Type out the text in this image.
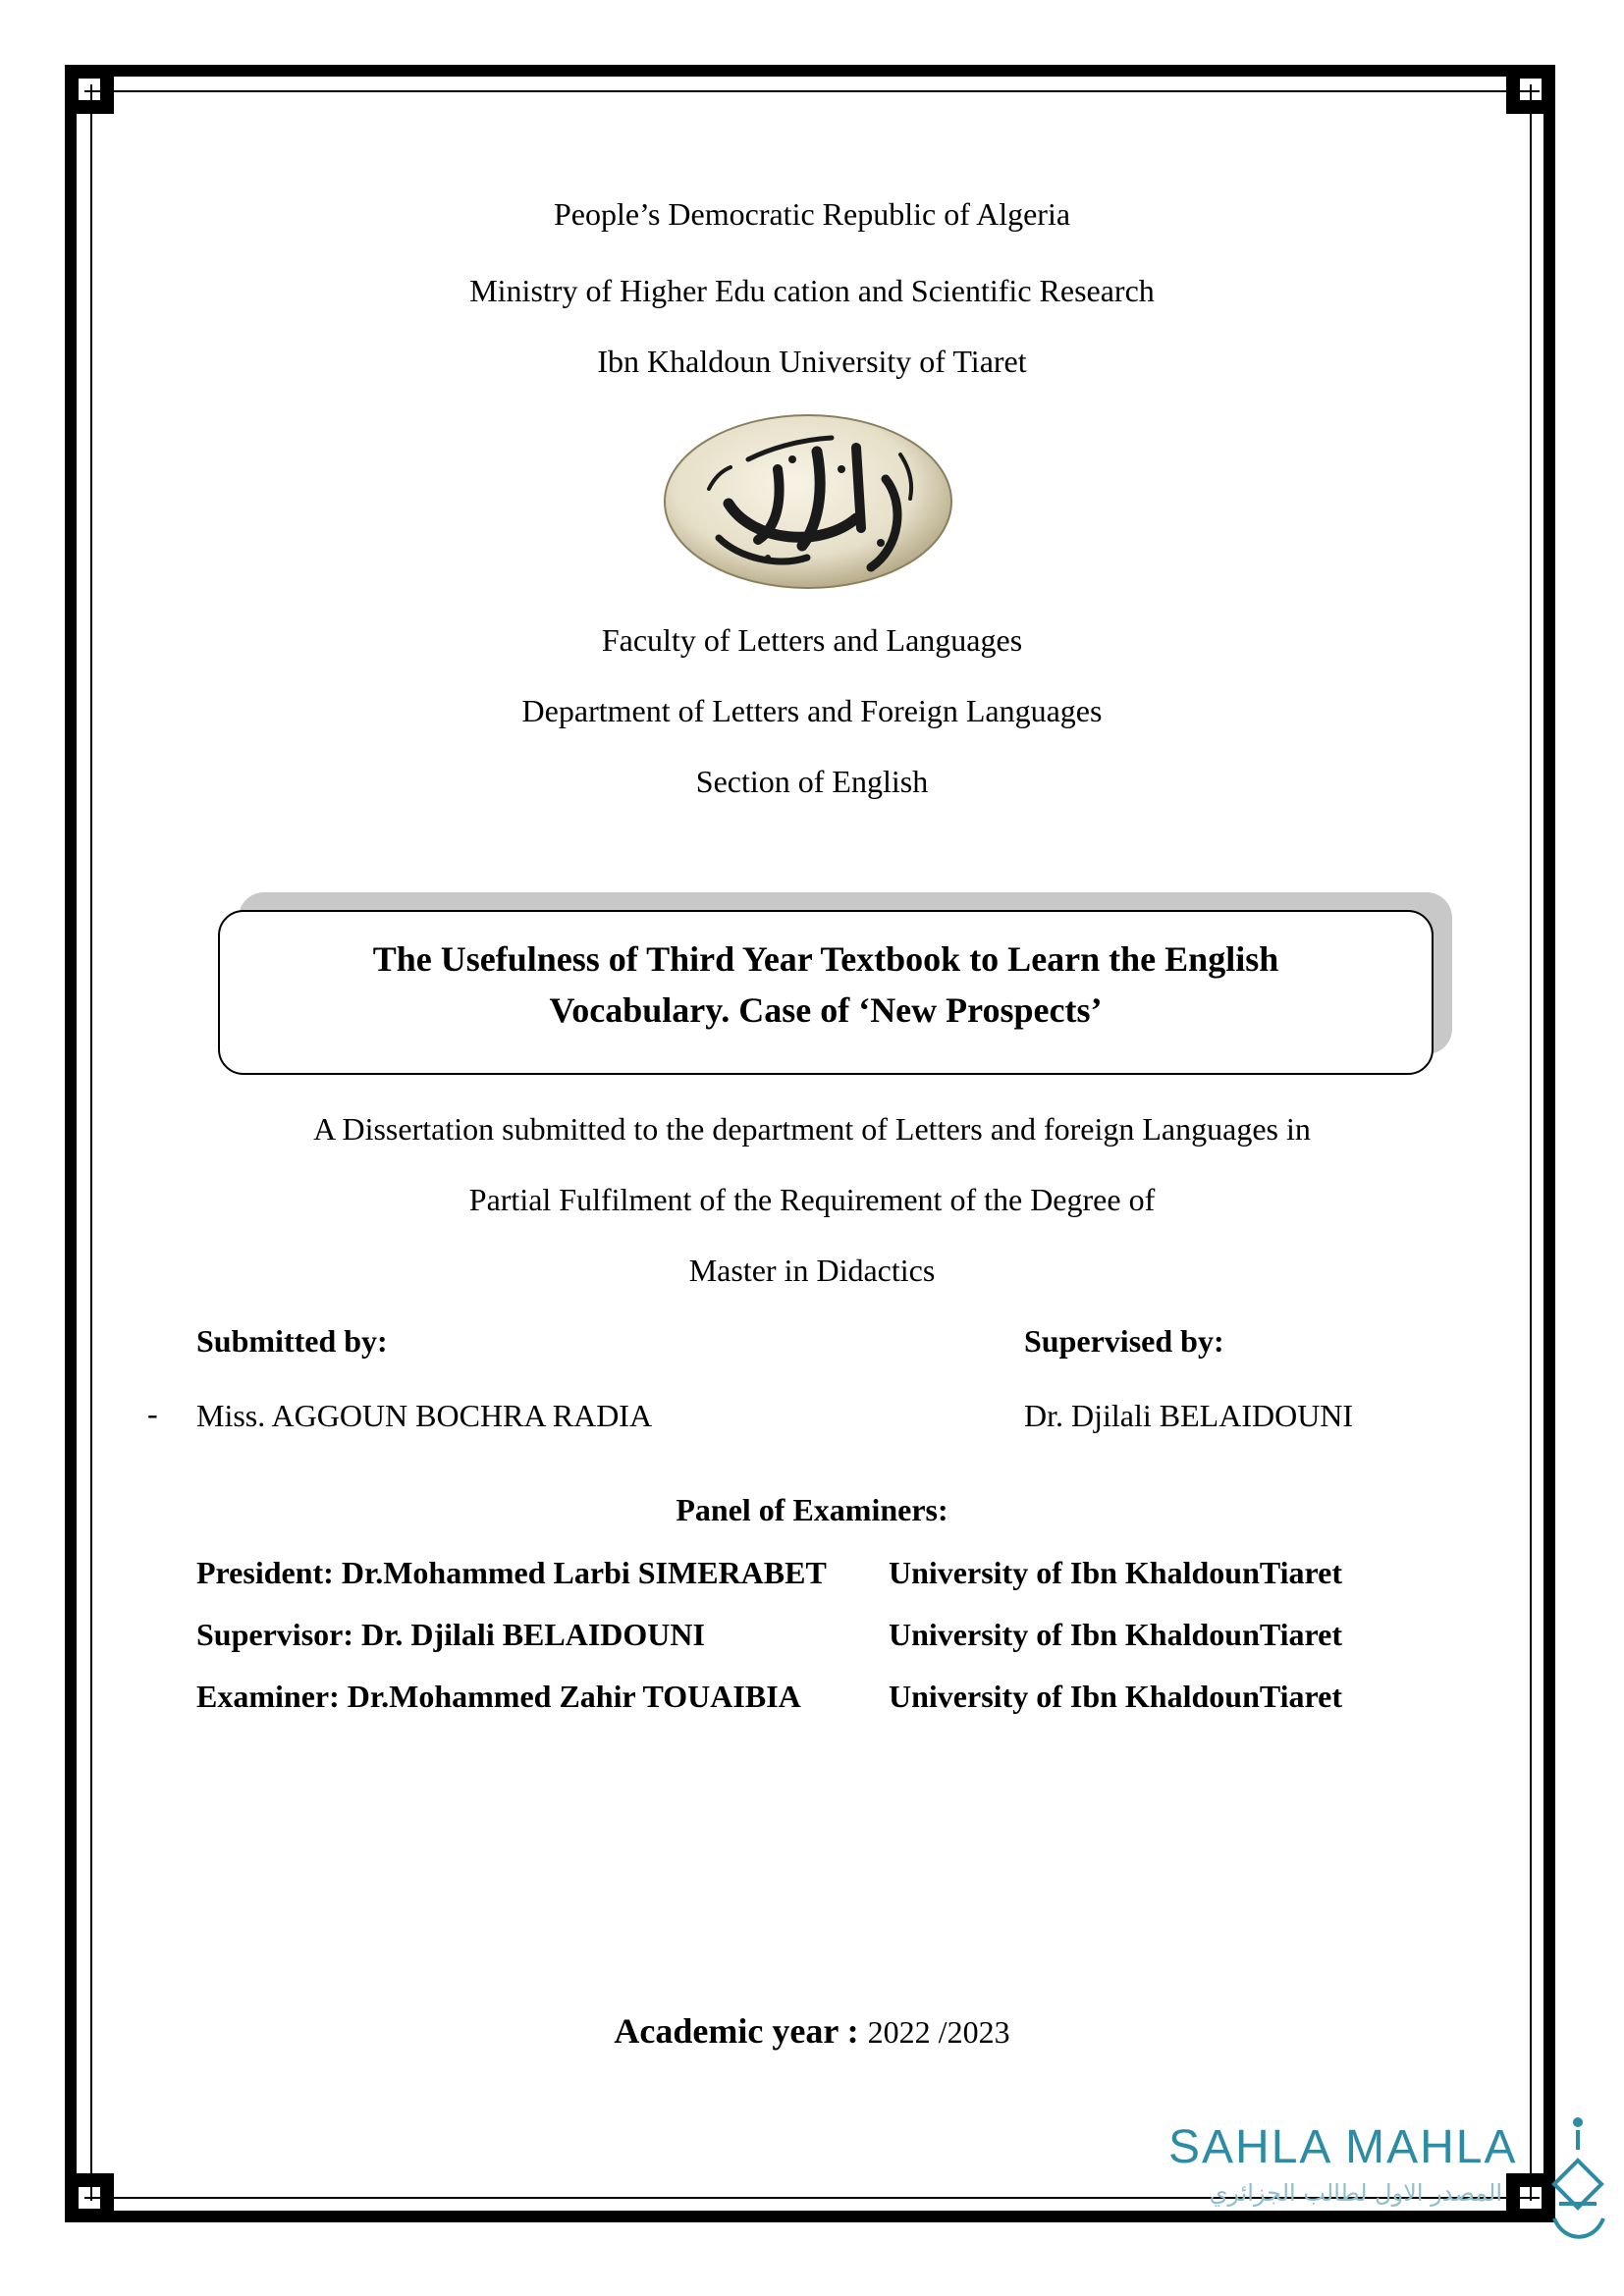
People’s Democratic Republic of Algeria
Ministry of Higher Edu cation and Scientific Research
Ibn Khaldoun University of Tiaret
Faculty of Letters and Languages
Department of Letters and Foreign Languages
Section of English
The Usefulness of Third Year Textbook to Learn the English
Vocabulary. Case of ‘New Prospects’
A Dissertation submitted to the department of Letters and foreign Languages in
Partial Fulfilment of the Requirement of the Degree of
Master in Didactics
Submitted by:	Supervised by:
- Miss. AGGOUN BOCHRA RADIA	Dr. Djilali BELAIDOUNI
Panel of Examiners:
President: Dr.Mohammed Larbi SIMERABET University of Ibn KhaldounTiaret
Supervisor: Dr. Djilali BELAIDOUNI	University of Ibn KhaldounTiaret
Examiner: Dr.Mohammed Zahir TOUAIBIA	University of Ibn KhaldounTiaret
Academic year : 2022 /2023
SAHLA MAHLA
المصدر الاول لطالب الجزائري
